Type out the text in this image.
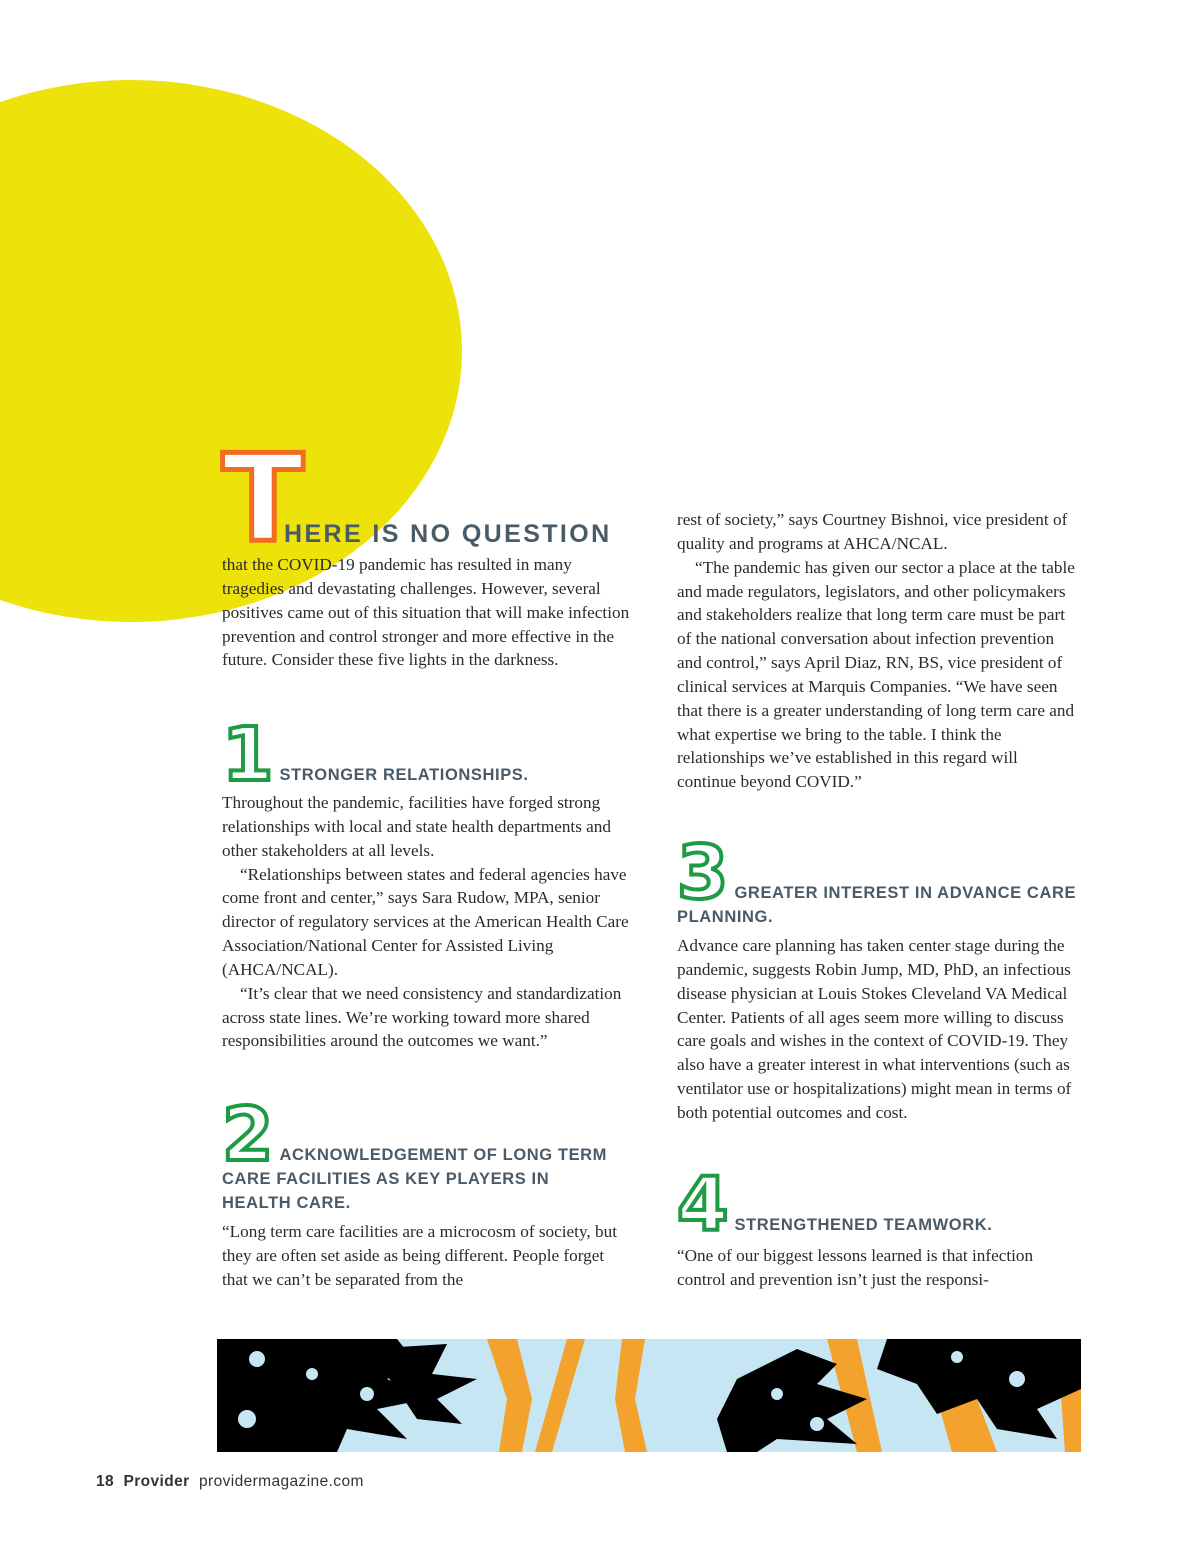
T
HERE IS NO QUESTION

that the COVID-19 pandemic has resulted in many tragedies and devastating challenges. However, several positives came out of this situation that will make infection prevention and control stronger and more effective in the future. Consider these five lights in the darkness.

1 STRONGER RELATIONSHIPS.

Throughout the pandemic, facilities have forged strong relationships with local and state health departments and other stakeholders at all levels.

“Relationships between states and federal agencies have come front and center,” says Sara Rudow, MPA, senior director of regulatory services at the American Health Care Association/National Center for Assisted Living (AHCA/NCAL).

“It’s clear that we need consistency and standardization across state lines. We’re working toward more shared responsibilities around the outcomes we want.”

2 ACKNOWLEDGEMENT OF LONG TERM CARE FACILITIES AS KEY PLAYERS IN HEALTH CARE.

“Long term care facilities are a microcosm of society, but they are often set aside as being different. People forget that we can’t be separated from the

rest of society,” says Courtney Bishnoi, vice president of quality and programs at AHCA/NCAL.

“The pandemic has given our sector a place at the table and made regulators, legislators, and other policymakers and stakeholders realize that long term care must be part of the national conversation about infection prevention and control,” says April Diaz, RN, BS, vice president of clinical services at Marquis Companies. “We have seen that there is a greater understanding of long term care and what expertise we bring to the table. I think the relationships we’ve established in this regard will continue beyond COVID.”

3 GREATER INTEREST IN ADVANCE CARE PLANNING.

Advance care planning has taken center stage during the pandemic, suggests Robin Jump, MD, PhD, an infectious disease physician at Louis Stokes Cleveland VA Medical Center. Patients of all ages seem more willing to discuss care goals and wishes in the context of COVID-19. They also have a greater interest in what interventions (such as ventilator use or hospitalizations) might mean in terms of both potential outcomes and cost.

4 STRENGTHENED TEAMWORK.

“One of our biggest lessons learned is that infection control and prevention isn’t just the responsi-

18 Provider providermagazine.com
